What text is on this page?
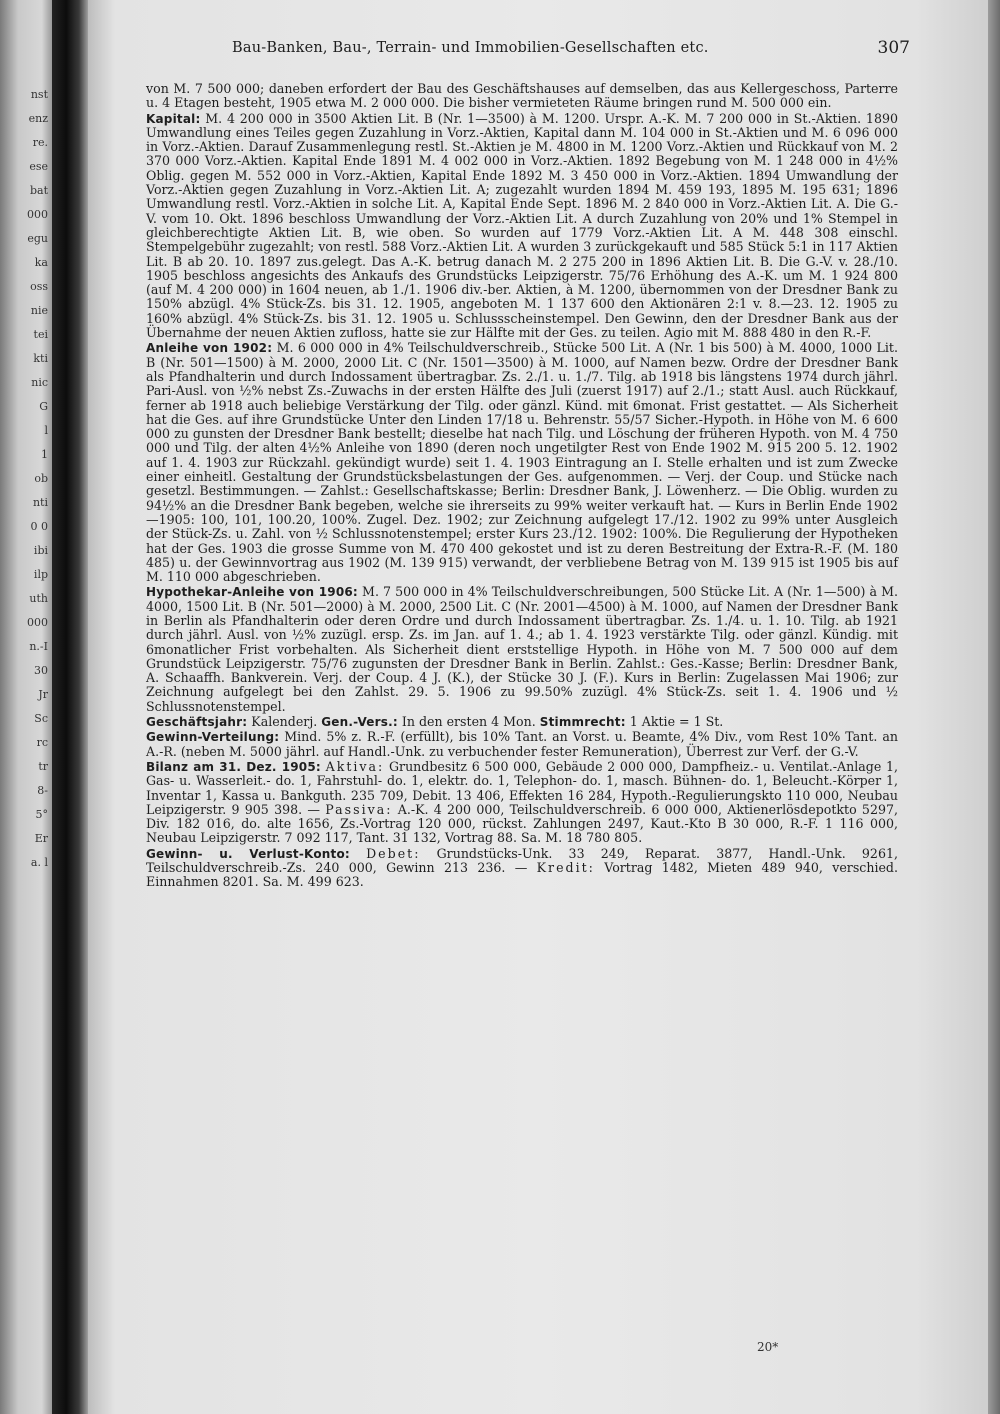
nst
enz
re.
ese
bat
000
egu
ka
oss
nie
tei
kti
nic
G
l
1
ob
nti
0 0
ibi
ilp
uth
000
n.-I
30
Jr
Sc
rc
tr
8-
5°
Er
a. l
Bau-Banken, Bau-, Terrain- und Immobilien-Gesellschaften etc.	307

von M. 7 500 000; daneben erfordert der Bau des Geschäftshauses auf demselben, das aus Kellergeschoss, Parterre u. 4 Etagen besteht, 1905 etwa M. 2 000 000. Die bisher vermieteten Räume bringen rund M. 500 000 ein.

Kapital: M. 4 200 000 in 3500 Aktien Lit. B (Nr. 1—3500) à M. 1200. Urspr. A.-K. M. 7 200 000 in St.-Aktien. 1890 Umwandlung eines Teiles gegen Zuzahlung in Vorz.-Aktien, Kapital dann M. 104 000 in St.-Aktien und M. 6 096 000 in Vorz.-Aktien. Darauf Zusammenlegung restl. St.-Aktien je M. 4800 in M. 1200 Vorz.-Aktien und Rückkauf von M. 2 370 000 Vorz.-Aktien. Kapital Ende 1891 M. 4 002 000 in Vorz.-Aktien. 1892 Begebung von M. 1 248 000 in 4½% Oblig. gegen M. 552 000 in Vorz.-Aktien, Kapital Ende 1892 M. 3 450 000 in Vorz.-Aktien. 1894 Umwandlung der Vorz.-Aktien gegen Zuzahlung in Vorz.-Aktien Lit. A; zugezahlt wurden 1894 M. 459 193, 1895 M. 195 631; 1896 Umwandlung restl. Vorz.-Aktien in solche Lit. A, Kapital Ende Sept. 1896 M. 2 840 000 in Vorz.-Aktien Lit. A. Die G.-V. vom 10. Okt. 1896 beschloss Umwandlung der Vorz.-Aktien Lit. A durch Zuzahlung von 20% und 1% Stempel in gleichberechtigte Aktien Lit. B, wie oben. So wurden auf 1779 Vorz.-Aktien Lit. A M. 448 308 einschl. Stempelgebühr zugezahlt; von restl. 588 Vorz.-Aktien Lit. A wurden 3 zurückgekauft und 585 Stück 5:1 in 117 Aktien Lit. B ab 20. 10. 1897 zus.gelegt. Das A.-K. betrug danach M. 2 275 200 in 1896 Aktien Lit. B. Die G.-V. v. 28./10. 1905 beschloss angesichts des Ankaufs des Grundstücks Leipzigerstr. 75/76 Erhöhung des A.-K. um M. 1 924 800 (auf M. 4 200 000) in 1604 neuen, ab 1./1. 1906 div.-ber. Aktien, à M. 1200, übernommen von der Dresdner Bank zu 150% abzügl. 4% Stück-Zs. bis 31. 12. 1905, angeboten M. 1 137 600 den Aktionären 2:1 v. 8.—23. 12. 1905 zu 160% abzügl. 4% Stück-Zs. bis 31. 12. 1905 u. Schlussscheinstempel. Den Gewinn, den der Dresdner Bank aus der Übernahme der neuen Aktien zufloss, hatte sie zur Hälfte mit der Ges. zu teilen. Agio mit M. 888 480 in den R.-F.

Anleihe von 1902: M. 6 000 000 in 4% Teilschuldverschreib., Stücke 500 Lit. A (Nr. 1 bis 500) à M. 4000, 1000 Lit. B (Nr. 501—1500) à M. 2000, 2000 Lit. C (Nr. 1501—3500) à M. 1000, auf Namen bezw. Ordre der Dresdner Bank als Pfandhalterin und durch Indossament übertragbar. Zs. 2./1. u. 1./7. Tilg. ab 1918 bis längstens 1974 durch jährl. Pari-Ausl. von ½% nebst Zs.-Zuwachs in der ersten Hälfte des Juli (zuerst 1917) auf 2./1.; statt Ausl. auch Rückkauf, ferner ab 1918 auch beliebige Verstärkung der Tilg. oder gänzl. Künd. mit 6monat. Frist gestattet. — Als Sicherheit hat die Ges. auf ihre Grundstücke Unter den Linden 17/18 u. Behrenstr. 55/57 Sicher.-Hypoth. in Höhe von M. 6 600 000 zu gunsten der Dresdner Bank bestellt; dieselbe hat nach Tilg. und Löschung der früheren Hypoth. von M. 4 750 000 und Tilg. der alten 4½% Anleihe von 1890 (deren noch ungetilgter Rest von Ende 1902 M. 915 200 5. 12. 1902 auf 1. 4. 1903 zur Rückzahl. gekündigt wurde) seit 1. 4. 1903 Eintragung an I. Stelle erhalten und ist zum Zwecke einer einheitl. Gestaltung der Grundstücksbelastungen der Ges. aufgenommen. — Verj. der Coup. und Stücke nach gesetzl. Bestimmungen. — Zahlst.: Gesellschaftskasse; Berlin: Dresdner Bank, J. Löwenherz. — Die Oblig. wurden zu 94½% an die Dresdner Bank begeben, welche sie ihrerseits zu 99% weiter verkauft hat. — Kurs in Berlin Ende 1902—1905: 100, 101, 100.20, 100%. Zugel. Dez. 1902; zur Zeichnung aufgelegt 17./12. 1902 zu 99% unter Ausgleich der Stück-Zs. u. Zahl. von ½ Schlussnotenstempel; erster Kurs 23./12. 1902: 100%. Die Regulierung der Hypotheken hat der Ges. 1903 die grosse Summe von M. 470 400 gekostet und ist zu deren Bestreitung der Extra-R.-F. (M. 180 485) u. der Gewinnvortrag aus 1902 (M. 139 915) verwandt, der verbliebene Betrag von M. 139 915 ist 1905 bis auf M. 110 000 abgeschrieben.

Hypothekar-Anleihe von 1906: M. 7 500 000 in 4% Teilschuldverschreibungen, 500 Stücke Lit. A (Nr. 1—500) à M. 4000, 1500 Lit. B (Nr. 501—2000) à M. 2000, 2500 Lit. C (Nr. 2001—4500) à M. 1000, auf Namen der Dresdner Bank in Berlin als Pfandhalterin oder deren Ordre und durch Indossament übertragbar. Zs. 1./4. u. 1. 10. Tilg. ab 1921 durch jährl. Ausl. von ½% zuzügl. ersp. Zs. im Jan. auf 1. 4.; ab 1. 4. 1923 verstärkte Tilg. oder gänzl. Kündig. mit 6monatlicher Frist vorbehalten. Als Sicherheit dient erststellige Hypoth. in Höhe von M. 7 500 000 auf dem Grundstück Leipzigerstr. 75/76 zugunsten der Dresdner Bank in Berlin. Zahlst.: Ges.-Kasse; Berlin: Dresdner Bank, A. Schaaffh. Bankverein. Verj. der Coup. 4 J. (K.), der Stücke 30 J. (F.). Kurs in Berlin: Zugelassen Mai 1906; zur Zeichnung aufgelegt bei den Zahlst. 29. 5. 1906 zu 99.50% zuzügl. 4% Stück-Zs. seit 1. 4. 1906 und ½ Schlussnotenstempel.

Geschäftsjahr: Kalenderj. Gen.-Vers.: In den ersten 4 Mon. Stimmrecht: 1 Aktie = 1 St.

Gewinn-Verteilung: Mind. 5% z. R.-F. (erfüllt), bis 10% Tant. an Vorst. u. Beamte, 4% Div., vom Rest 10% Tant. an A.-R. (neben M. 5000 jährl. auf Handl.-Unk. zu verbuchender fester Remuneration), Überrest zur Verf. der G.-V.

Bilanz am 31. Dez. 1905: Aktiva: Grundbesitz 6 500 000, Gebäude 2 000 000, Dampfheiz.- u. Ventilat.-Anlage 1, Gas- u. Wasserleit.- do. 1, Fahrstuhl- do. 1, elektr. do. 1, Telephon- do. 1, masch. Bühnen- do. 1, Beleucht.-Körper 1, Inventar 1, Kassa u. Bankguth. 235 709, Debit. 13 406, Effekten 16 284, Hypoth.-Regulierungskto 110 000, Neubau Leipzigerstr. 9 905 398. — Passiva: A.-K. 4 200 000, Teilschuldverschreib. 6 000 000, Aktienerlösdepotkto 5297, Div. 182 016, do. alte 1656, Zs.-Vortrag 120 000, rückst. Zahlungen 2497, Kaut.-Kto B 30 000, R.-F. 1 116 000, Neubau Leipzigerstr. 7 092 117, Tant. 31 132, Vortrag 88. Sa. M. 18 780 805.

Gewinn- u. Verlust-Konto: Debet: Grundstücks-Unk. 33 249, Reparat. 3877, Handl.-Unk. 9261, Teilschuldverschreib.-Zs. 240 000, Gewinn 213 236. — Kredit: Vortrag 1482, Mieten 489 940, verschied. Einnahmen 8201. Sa. M. 499 623.

20*
